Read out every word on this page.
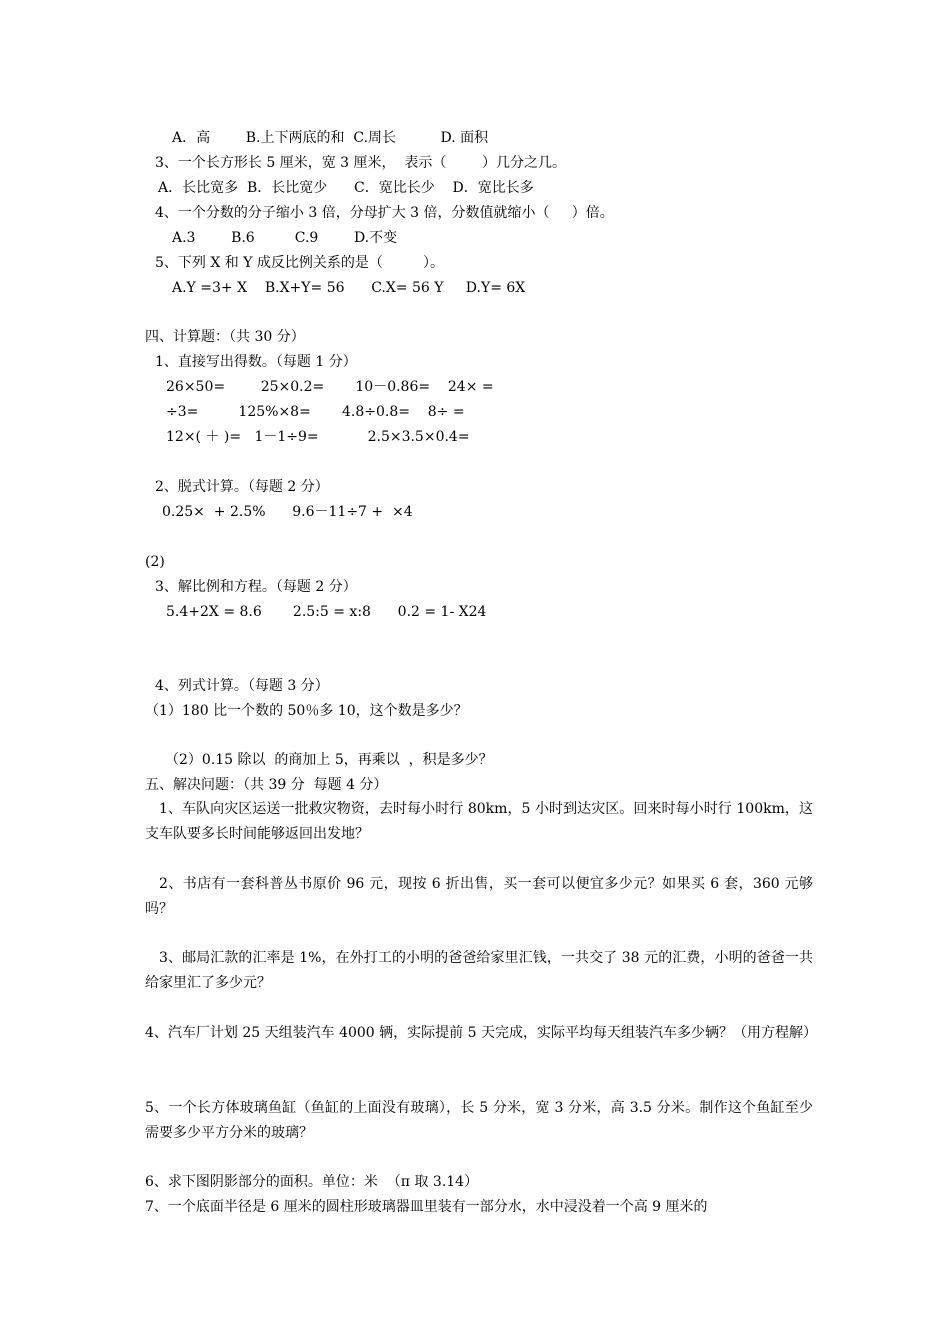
A．高        B.上下两底的和  C.周长          D. 面积
3、一个长方形长 5 厘米，宽 3 厘米，  表示（        ）几分之几。
A．长比宽多  B．长比宽少      C．宽比长少    D．宽比长多
4、一个分数的分子缩小 3 倍，分母扩大 3 倍，分数值就缩小（     ）倍。
A.3        B.6         C.9        D.不变
5、下列 X 和 Y 成反比例关系的是（         ）。
A.Y =3+ X    B.X+Y= 56      C.X= 56 Y     D.Y= 6X
四、计算题：（共 30 分）
1、直接写出得数。（每题 1 分）
26×50=        25×0.2=       10－0.86=    24× =
÷3=         125%×8=       4.8÷0.8=    8÷ =
12×( ＋ )=   1－1÷9=           2.5×3.5×0.4=
2、脱式计算。（每题 2 分）
0.25×  + 2.5%      9.6－11÷7 +  ×4
(2)
3、解比例和方程。（每题 2 分）
5.4+2X = 8.6       2.5:5 = x:8      0.2 = 1- X24
4、列式计算。（每题 3 分）
（1）180 比一个数的 50％多 10，这个数是多少？
（2）0.15 除以  的商加上 5，再乘以  ，积是多少？
五、解决问题：（共 39 分  每题 4 分）
1、车队向灾区运送一批救灾物资，去时每小时行 80km，5 小时到达灾区。回来时每小时行 100km，这支车队要多长时间能够返回出发地？
2、书店有一套科普丛书原价 96 元，现按 6 折出售，买一套可以便宜多少元？如果买 6 套，360 元够吗？
3、邮局汇款的汇率是 1%，在外打工的小明的爸爸给家里汇钱，一共交了 38 元的汇费，小明的爸爸一共给家里汇了多少元？
4、汽车厂计划 25 天组装汽车 4000 辆，实际提前 5 天完成，实际平均每天组装汽车多少辆？（用方程解）
5、一个长方体玻璃鱼缸（鱼缸的上面没有玻璃），长 5 分米，宽 3 分米，高 3.5 分米。制作这个鱼缸至少需要多少平方分米的玻璃？
6、求下图阴影部分的面积。单位：米  （π 取 3.14）
7、一个底面半径是 6 厘米的圆柱形玻璃器皿里装有一部分水，水中浸没着一个高 9 厘米的
